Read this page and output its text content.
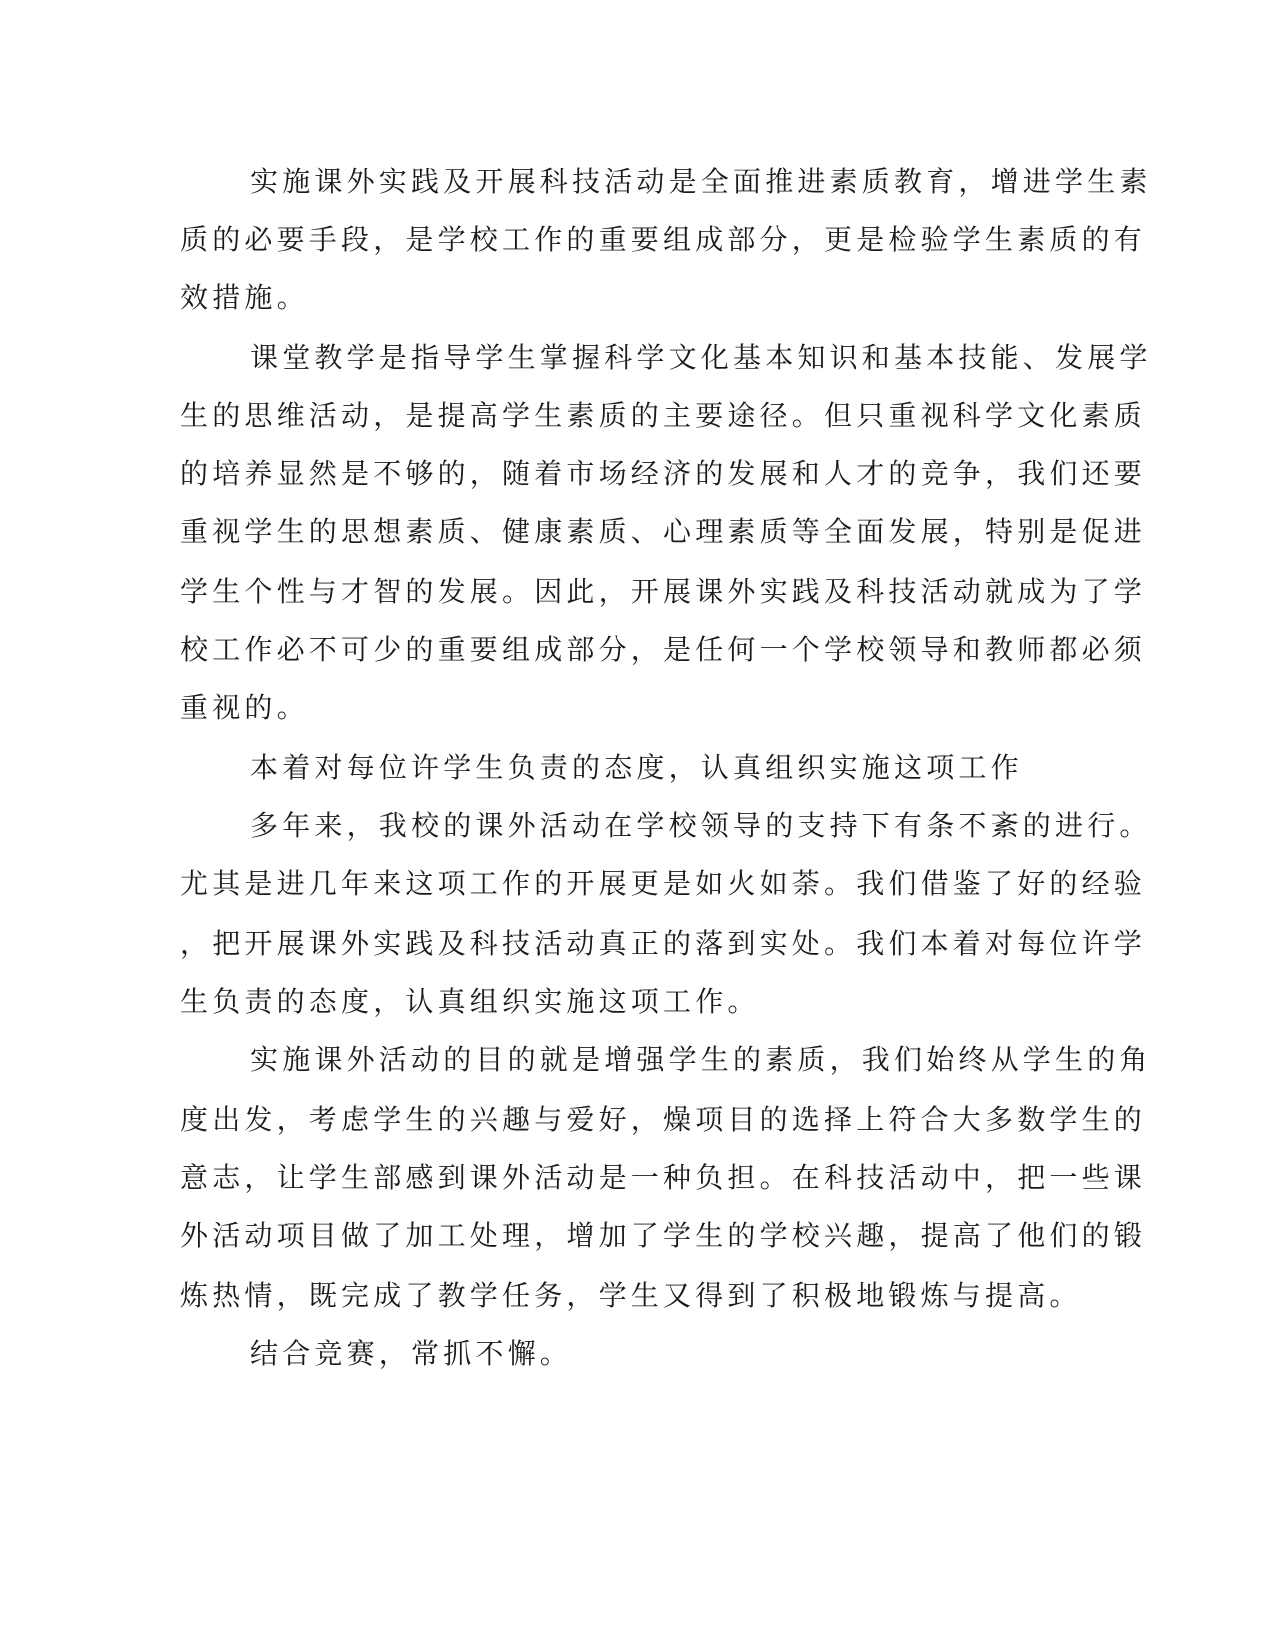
实施课外实践及开展科技活动是全面推进素质教育，增进学生素
质的必要手段，是学校工作的重要组成部分，更是检验学生素质的有
效措施。
课堂教学是指导学生掌握科学文化基本知识和基本技能、发展学
生的思维活动，是提高学生素质的主要途径。但只重视科学文化素质
的培养显然是不够的，随着市场经济的发展和人才的竞争，我们还要
重视学生的思想素质、健康素质、心理素质等全面发展，特别是促进
学生个性与才智的发展。因此，开展课外实践及科技活动就成为了学
校工作必不可少的重要组成部分，是任何一个学校领导和教师都必须
重视的。
本着对每位许学生负责的态度，认真组织实施这项工作
多年来，我校的课外活动在学校领导的支持下有条不紊的进行。
尤其是进几年来这项工作的开展更是如火如荼。我们借鉴了好的经验
，把开展课外实践及科技活动真正的落到实处。我们本着对每位许学
生负责的态度，认真组织实施这项工作。
实施课外活动的目的就是增强学生的素质，我们始终从学生的角
度出发，考虑学生的兴趣与爱好，燥项目的选择上符合大多数学生的
意志，让学生部感到课外活动是一种负担。在科技活动中，把一些课
外活动项目做了加工处理，增加了学生的学校兴趣，提高了他们的锻
炼热情，既完成了教学任务，学生又得到了积极地锻炼与提高。
结合竞赛，常抓不懈。
